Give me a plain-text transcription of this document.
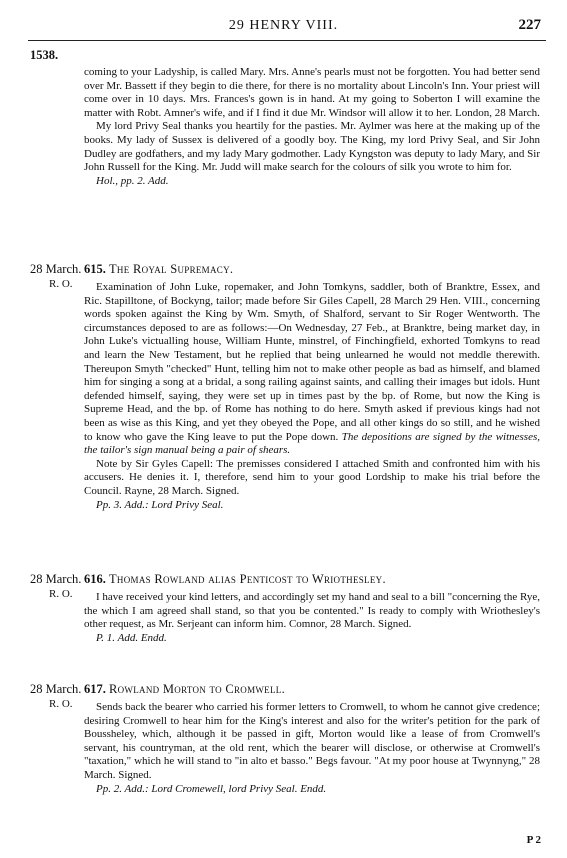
29 HENRY VIII.	227
1538.

coming to your Ladyship, is called Mary. Mrs. Anne's pearls must not be forgotten. You had better send over Mr. Bassett if they begin to die there, for there is no mortality about Lincoln's Inn. Your priest will come over in 10 days. Mrs. Frances's gown is in hand. At my going to Soberton I will examine the matter with Robt. Amner's wife, and if I find it due Mr. Windsor will allow it to her. London, 28 March.

My lord Privy Seal thanks you heartily for the pasties. Mr. Aylmer was here at the making up of the books. My lady of Sussex is delivered of a goodly boy. The King, my lord Privy Seal, and Sir John Dudley are godfathers, and my lady Mary godmother. Lady Kyngston was deputy to lady Mary, and Sir John Russell for the King. Mr. Judd will make search for the colours of silk you wrote to him for.

Hol., pp. 2. Add.
28 March.
R. O.
615. The Royal Supremacy.

Examination of John Luke, ropemaker, and John Tomkyns, saddler, both of Branktre, Essex, and Ric. Stapilltone, of Bockyng, tailor; made before Sir Giles Capell, 28 March 29 Hen. VIII., concerning words spoken against the King by Wm. Smyth, of Shalford, servant to Sir Roger Wentworth. The circumstances deposed to are as follows:—On Wednesday, 27 Feb., at Branktre, being market day, in John Luke's victualling house, William Hunte, minstrel, of Finchingfield, exhorted Tomkyns to read and learn the New Testament, but he replied that being unlearned he would not meddle therewith. Thereupon Smyth "checked" Hunt, telling him not to make other people as bad as himself, and blamed him for singing a song at a bridal, a song railing against saints, and calling their images but idols. Hunt defended himself, saying, they were set up in times past by the bp. of Rome, but now the King is Supreme Head, and the bp. of Rome has nothing to do here. Smyth asked if previous kings had not been as wise as this King, and yet they obeyed the Pope, and all other kings do so still, and he wished to know who gave the King leave to put the Pope down. The depositions are signed by the witnesses, the tailor's sign manual being a pair of shears.

Note by Sir Gyles Capell: The premisses considered I attached Smith and confronted him with his accusers. He denies it. I, therefore, send him to your good Lordship to make his trial before the Council. Rayne, 28 March. Signed.

Pp. 3. Add.: Lord Privy Seal.
28 March.
R. O.
616. Thomas Rowland alias Penticost to Wriothesley.

I have received your kind letters, and accordingly set my hand and seal to a bill "concerning the Rye, the which I am agreed shall stand, so that you be contented." Is ready to comply with Wriothesley's other request, as Mr. Serjeant can inform him. Comnor, 28 March. Signed.

P. 1. Add. Endd.
28 March.
R. O.
617. Rowland Morton to Cromwell.

Sends back the bearer who carried his former letters to Cromwell, to whom he cannot give credence; desiring Cromwell to hear him for the King's interest and also for the writer's petition for the park of Boussheley, which, although it be passed in gift, Morton would like a lease of from Cromwell's servant, his countryman, at the old rent, which the bearer will disclose, or otherwise at Cromwell's "taxation," which he will stand to "in alto et basso." Begs favour. "At my poor house at Twynnyng," 28 March. Signed.

Pp. 2. Add.: Lord Cromewell, lord Privy Seal. Endd.
P 2
